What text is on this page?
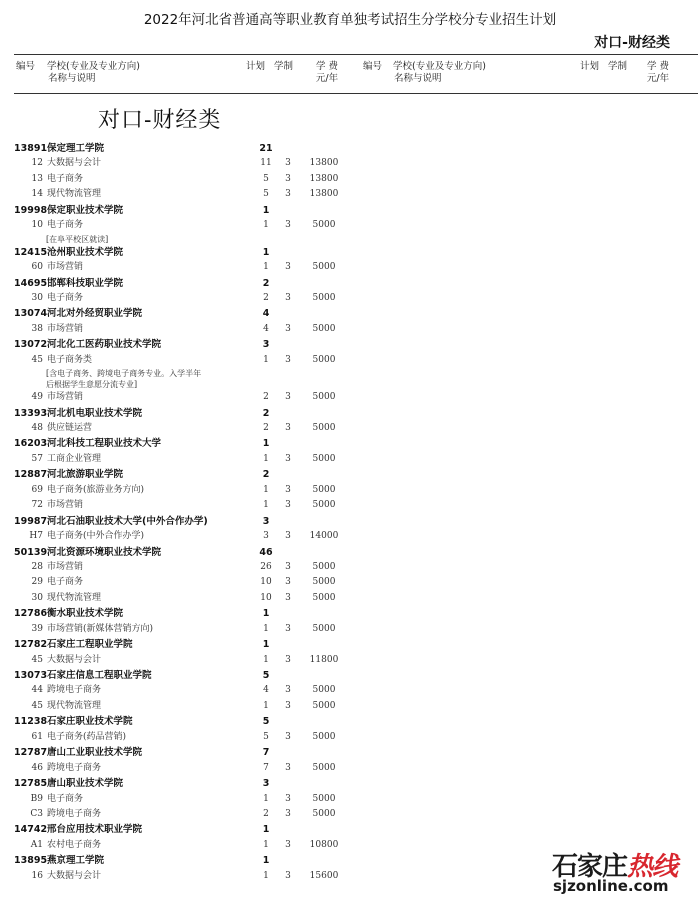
2022年河北省普通高等职业教育单独考试招生分学校分专业招生计划
对口-财经类
编号 学校(专业及专业方向)
名称与说明
计划 学制	学 费
元/年
编号 学校(专业及专业方向)
名称与说明
计划 学制	学 费
元/年
对口-财经类
13891 保定理工学院	21
12 大数据与会计	11	3	13800
13 电子商务	5	3	13800
14 现代物流管理	5	3	13800
19998 保定职业技术学院	1
10 电子商务	1	3	5000
[在阜平校区就读]
12415 沧州职业技术学院	1
60 市场营销	1	3	5000
14695 邯郸科技职业学院	2
30 电子商务	2	3	5000
13074 河北对外经贸职业学院	4
38 市场营销	4	3	5000
13072 河北化工医药职业技术学院	3
45 电子商务类	1	3	5000
[含电子商务、跨境电子商务专业。入学半年
后根据学生意愿分流专业]
49 市场营销	2	3	5000
13393 河北机电职业技术学院	2
48 供应链运营	2	3	5000
16203 河北科技工程职业技术大学	1
57 工商企业管理	1	3	5000
12887 河北旅游职业学院	2
69 电子商务(旅游业务方向)	1	3	5000
72 市场营销	1	3	5000
19987 河北石油职业技术大学(中外合作办学)	3
H7 电子商务(中外合作办学)	3	3	14000
50139 河北资源环境职业技术学院	46
28 市场营销	26	3	5000
29 电子商务	10	3	5000
30 现代物流管理	10	3	5000
12786 衡水职业技术学院	1
39 市场营销(新媒体营销方向)	1	3	5000
12782 石家庄工程职业学院	1
45 大数据与会计	1	3	11800
13073 石家庄信息工程职业学院	5
44 跨境电子商务	4	3	5000
45 现代物流管理	1	3	5000
11238 石家庄职业技术学院	5
61 电子商务(药品营销)	5	3	5000
12787 唐山工业职业技术学院	7
46 跨境电子商务	7	3	5000
12785 唐山职业技术学院	3
B9 电子商务	1	3	5000
C3 跨境电子商务	2	3	5000
14742 邢台应用技术职业学院	1
A1 农村电子商务	1	3	10800
13895 燕京理工学院	1
16 大数据与会计	1	3	15600	石家庄热线
sjzonline.com
